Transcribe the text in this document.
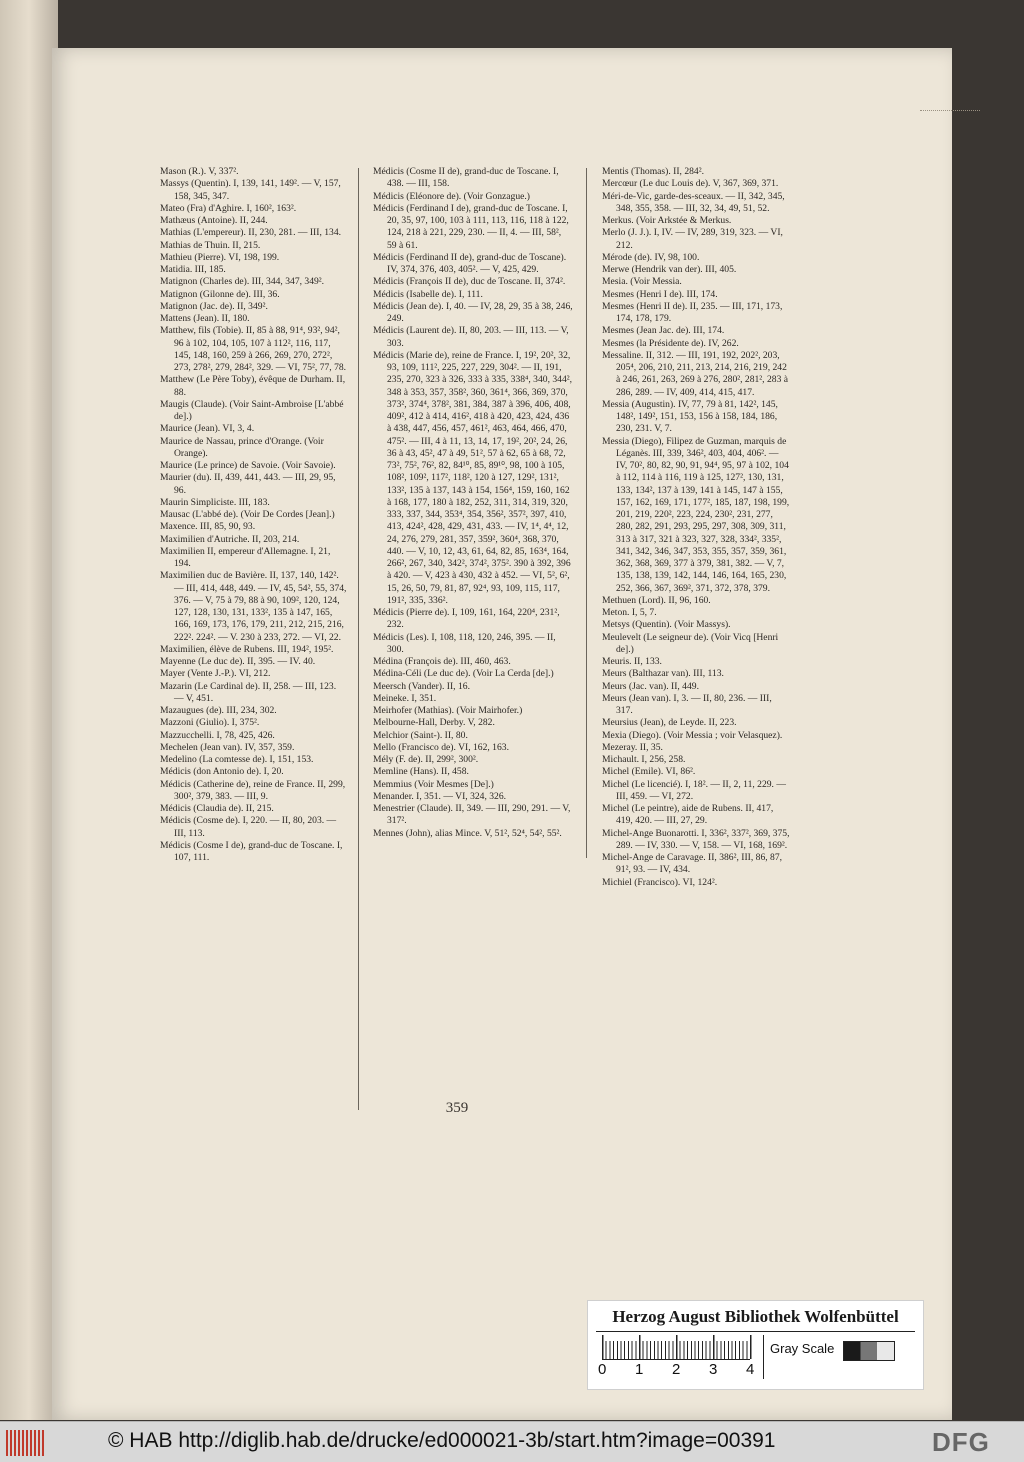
Mason (R.). V, 337².
Massys (Quentin). I, 139, 141, 149². — V, 157, 158, 345, 347.
Mateo (Fra) d'Aghire. I, 160², 163².
Mathæus (Antoine). II, 244.
Mathias (L'empereur). II, 230, 281. — III, 134.
Mathias de Thuin. II, 215.
Mathieu (Pierre). VI, 198, 199.
Matidia. III, 185.
Matignon (Charles de). III, 344, 347, 349².
Matignon (Gilonne de). III, 36.
Matignon (Jac. de). II, 349².
Mattens (Jean). II, 180.
Matthew, fils (Tobie). II, 85 à 88, 91⁴, 93², 94², 96 à 102, 104, 105, 107 à 112², 116, 117, 145, 148, 160, 259 à 266, 269, 270, 272², 273, 278², 279, 284², 329. — VI, 75², 77, 78.
Matthew (Le Père Toby), évêque de Durham. II, 88.
Maugis (Claude). (Voir Saint-Ambroise [L'abbé de].)
Maurice (Jean). VI, 3, 4.
Maurice de Nassau, prince d'Orange. (Voir Orange).
Maurice (Le prince) de Savoie. (Voir Savoie).
Maurier (du). II, 439, 441, 443. — III, 29, 95, 96.
Maurin Simpliciste. III, 183.
Mausac (L'abbé de). (Voir De Cordes [Jean].)
Maxence. III, 85, 90, 93.
Maximilien d'Autriche. II, 203, 214.
Maximilien II, empereur d'Allemagne. I, 21, 194.
Maximilien duc de Bavière. II, 137, 140, 142². — III, 414, 448, 449. — IV, 45, 54², 55, 374, 376. — V, 75 à 79, 88 à 90, 109², 120, 124, 127, 128, 130, 131, 133², 135 à 147, 165, 166, 169, 173, 176, 179, 211, 212, 215, 216, 222². 224². — V. 230 à 233, 272. — VI, 22.
Maximilien, élève de Rubens. III, 194², 195².
Mayenne (Le duc de). II, 395. — IV. 40.
Mayer (Vente J.-P.). VI, 212.
Mazarin (Le Cardinal de). II, 258. — III, 123. — V, 451.
Mazaugues (de). III, 234, 302.
Mazzoni (Giulio). I, 375².
Mazzucchelli. I, 78, 425, 426.
Mechelen (Jean van). IV, 357, 359.
Medelino (La comtesse de). I, 151, 153.
Médicis (don Antonio de). I, 20.
Médicis (Catherine de), reine de France. II, 299, 300², 379, 383. — III, 9.
Médicis (Claudia de). II, 215.
Médicis (Cosme de). I, 220. — II, 80, 203. — III, 113.
Médicis (Cosme I de), grand-duc de Toscane. I, 107, 111.
Médicis (Cosme II de), grand-duc de Toscane. I, 438. — III, 158.
Médicis (Eléonore de). (Voir Gonzague.)
Médicis (Ferdinand I de), grand-duc de Toscane. I, 20, 35, 97, 100, 103 à 111, 113, 116, 118 à 122, 124, 218 à 221, 229, 230. — II, 4. — III, 58², 59 à 61.
Médicis (Ferdinand II de), grand-duc de Toscane). IV, 374, 376, 403, 405². — V, 425, 429.
Médicis (François II de), duc de Toscane. II, 374².
Médicis (Isabelle de). I, 111.
Médicis (Jean de). I, 40. — IV, 28, 29, 35 à 38, 246, 249.
Médicis (Laurent de). II, 80, 203. — III, 113. — V, 303.
Médicis (Marie de), reine de France. I, 19², 20², 32, 93, 109, 111², 225, 227, 229, 304². — II, 191, 235, 270, 323 à 326, 333 à 335, 338⁴, 340, 344², 348 à 353, 357, 358², 360, 361⁴, 366, 369, 370, 373², 374⁴, 378², 381, 384, 387 à 396, 406, 408, 409², 412 à 414, 416², 418 à 420, 423, 424, 436 à 438, 447, 456, 457, 461², 463, 464, 466, 470, 475². — III, 4 à 11, 13, 14, 17, 19², 20², 24, 26, 36 à 43, 45², 47 à 49, 51², 57 à 62, 65 à 68, 72, 73², 75², 76², 82, 84¹⁰, 85, 89¹⁰, 98, 100 à 105, 108², 109², 117², 118², 120 à 127, 129², 131², 133², 135 à 137, 143 à 154, 156⁴, 159, 160, 162 à 168, 177, 180 à 182, 252, 311, 314, 319, 320, 333, 337, 344, 353⁴, 354, 356², 357², 397, 410, 413, 424², 428, 429, 431, 433. — IV, 1⁴, 4⁴, 12, 24, 276, 279, 281, 357, 359², 360⁴, 368, 370, 440. — V, 10, 12, 43, 61, 64, 82, 85, 163⁴, 164, 266², 267, 340, 342², 374², 375². 390 à 392, 396 à 420. — V, 423 à 430, 432 à 452. — VI, 5², 6², 15, 26, 50, 79, 81, 87, 92⁴, 93, 109, 115, 117, 191², 335, 336².
Médicis (Pierre de). I, 109, 161, 164, 220⁴, 231², 232.
Médicis (Les). I, 108, 118, 120, 246, 395. — II, 300.
Médina (François de). III, 460, 463.
Médina-Céli (Le duc de). (Voir La Cerda [de].)
Meersch (Vander). II, 16.
Meineke. I, 351.
Meirhofer (Mathias). (Voir Mairhofer.)
Melbourne-Hall, Derby. V, 282.
Melchior (Saint-). II, 80.
Mello (Francisco de). VI, 162, 163.
Mély (F. de). II, 299², 300².
Memline (Hans). II, 458.
Memmius (Voir Mesmes [De].)
Menander. I, 351. — VI, 324, 326.
Menestrier (Claude). II, 349. — III, 290, 291. — V, 317².
Mennes (John), alias Mince. V, 51², 52⁴, 54², 55².
Mentis (Thomas). II, 284².
Mercœur (Le duc Louis de). V, 367, 369, 371.
Méri-de-Vic, garde-des-sceaux. — II, 342, 345, 348, 355, 358. — III, 32, 34, 49, 51, 52.
Merkus. (Voir Arkstée & Merkus.
Merlo (J. J.). I, IV. — IV, 289, 319, 323. — VI, 212.
Mérode (de). IV, 98, 100.
Merwe (Hendrik van der). III, 405.
Mesia. (Voir Messia.
Mesmes (Henri I de). III, 174.
Mesmes (Henri II de). II, 235. — III, 171, 173, 174, 178, 179.
Mesmes (Jean Jac. de). III, 174.
Mesmes (la Présidente de). IV, 262.
Messaline. II, 312. — III, 191, 192, 202², 203, 205⁴, 206, 210, 211, 213, 214, 216, 219, 242 à 246, 261, 263, 269 à 276, 280², 281², 283 à 286, 289. — IV, 409, 414, 415, 417.
Messia (Augustin). IV, 77, 79 à 81, 142², 145, 148², 149², 151, 153, 156 à 158, 184, 186, 230, 231. V, 7.
Messia (Diego), Filipez de Guzman, marquis de Léganès. III, 339, 346², 403, 404, 406². — IV, 70², 80, 82, 90, 91, 94⁴, 95, 97 à 102, 104 à 112, 114 à 116, 119 à 125, 127², 130, 131, 133, 134², 137 à 139, 141 à 145, 147 à 155, 157, 162, 169, 171, 177², 185, 187, 198, 199, 201, 219, 220², 223, 224, 230², 231, 277, 280, 282, 291, 293, 295, 297, 308, 309, 311, 313 à 317, 321 à 323, 327, 328, 334², 335², 341, 342, 346, 347, 353, 355, 357, 359, 361, 362, 368, 369, 377 à 379, 381, 382. — V, 7, 135, 138, 139, 142, 144, 146, 164, 165, 230, 252, 366, 367, 369², 371, 372, 378, 379.
Methuen (Lord). II, 96, 160.
Meton. I, 5, 7.
Metsys (Quentin). (Voir Massys).
Meulevelt (Le seigneur de). (Voir Vicq [Henri de].)
Meuris. II, 133.
Meurs (Balthazar van). III, 113.
Meurs (Jac. van). II, 449.
Meurs (Jean van). I, 3. — II, 80, 236. — III, 317.
Meursius (Jean), de Leyde. II, 223.
Mexia (Diego). (Voir Messia ; voir Velasquez).
Mezeray. II, 35.
Michault. I, 256, 258.
Michel (Emile). VI, 86².
Michel (Le licencié). I, 18². — II, 2, 11, 229. — III, 459. — VI, 272.
Michel (Le peintre), aide de Rubens. II, 417, 419, 420. — III, 27, 29.
Michel-Ange Buonarotti. I, 336², 337², 369, 375, 289. — IV, 330. — V, 158. — VI, 168, 169².
Michel-Ange de Caravage. II, 386², III, 86, 87, 91², 93. — IV, 434.
Michiel (Francisco). VI, 124².
359
Herzog August Bibliothek Wolfenbüttel
0 1 2 3 4
Gray Scale
© HAB http://diglib.hab.de/drucke/ed000021-3b/start.htm?image=00391	DFG
